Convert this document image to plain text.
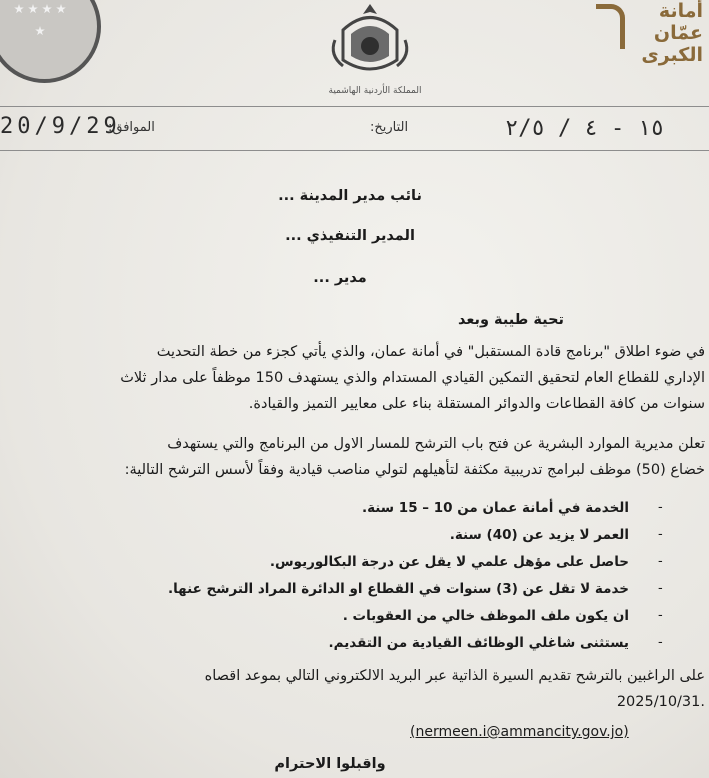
المملكة الأردنية الهاشمية
أمانة
عمّان
الكبرى
20/9/29
الموافق:	التاريخ:	١٥ - ٤ / ٢/٥
نائب مدير المدينة ...
المدير التنفيذي ...
مدير ...
تحية طيبة وبعد
في ضوء اطلاق "برنامج قادة المستقبل" في أمانة عمان، والذي يأتي كجزء من خطة التحديث
الإداري للقطاع العام لتحقيق التمكين القيادي المستدام والذي يستهدف 150 موظفاً على مدار ثلاث
سنوات من كافة القطاعات والدوائر المستقلة بناء على معايير التميز والقيادة.
تعلن مديرية الموارد البشرية عن فتح باب الترشح للمسار الاول من البرنامج والتي يستهدف
خضاع (50) موظف لبرامج تدريبية مكثفة لتأهيلهم لتولي مناصب قيادية وفقاً لأسس الترشح التالية:
الخدمة في أمانة عمان من 10 – 15 سنة. -
العمر لا يزيد عن (40) سنة. -
حاصل على مؤهل علمي لا يقل عن درجة البكالوريوس. -
خدمة لا تقل عن (3) سنوات في القطاع او الدائرة المراد الترشح عنها. -
ان يكون ملف الموظف خالي من العقوبات . -
يستثنى شاغلي الوظائف القيادية من التقديم. -
على الراغبين بالترشح تقديم السيرة الذاتية عبر البريد الالكتروني التالي بموعد اقصاه
.2025/10/31
(nermeen.i@ammancity.gov.jo)
واقبلوا الاحترام
